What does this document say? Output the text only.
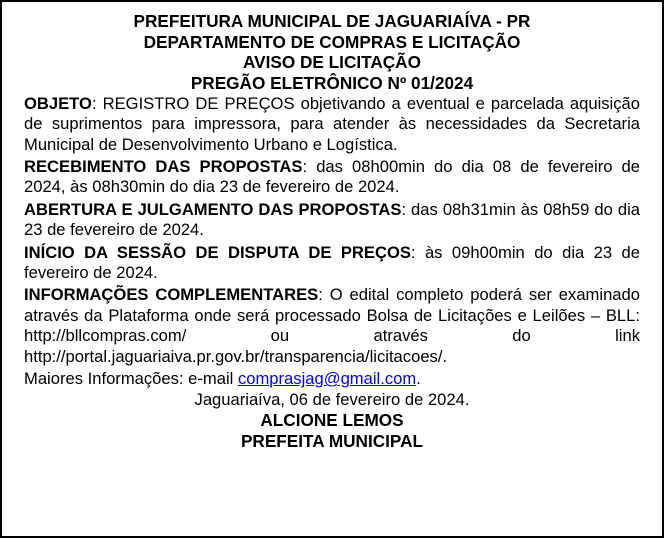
PREFEITURA MUNICIPAL DE JAGUARIAÍVA - PR
DEPARTAMENTO DE COMPRAS E LICITAÇÃO
AVISO DE LICITAÇÃO
PREGÃO ELETRÔNICO Nº 01/2024

OBJETO: REGISTRO DE PREÇOS objetivando a eventual e parcelada aquisição de suprimentos para impressora, para atender às necessidades da Secretaria Municipal de Desenvolvimento Urbano e Logística.

RECEBIMENTO DAS PROPOSTAS: das 08h00min do dia 08 de fevereiro de 2024, às 08h30min do dia 23 de fevereiro de 2024.

ABERTURA E JULGAMENTO DAS PROPOSTAS: das 08h31min às 08h59 do dia 23 de fevereiro de 2024.

INÍCIO DA SESSÃO DE DISPUTA DE PREÇOS: às 09h00min do dia 23 de fevereiro de 2024.

INFORMAÇÕES COMPLEMENTARES: O edital completo poderá ser examinado através da Plataforma onde será processado Bolsa de Licitações e Leilões – BLL: http://bllcompras.com/ ou através do link http://portal.jaguariaiva.pr.gov.br/transparencia/licitacoes/.

Maiores Informações: e-mail comprasjag@gmail.com.

Jaguariaíva, 06 de fevereiro de 2024.

ALCIONE LEMOS
PREFEITA MUNICIPAL
